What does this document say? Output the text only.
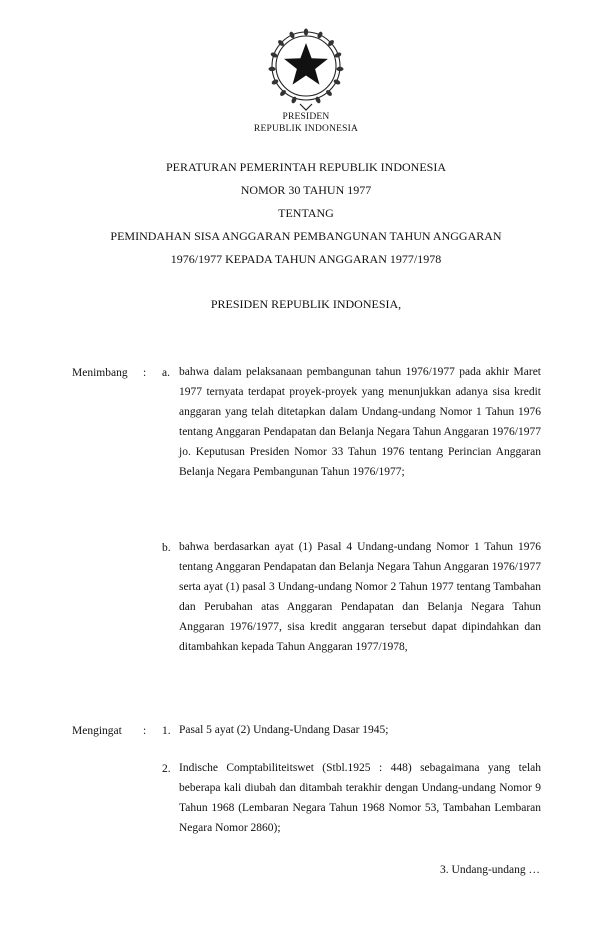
PRESIDEN
REPUBLIK INDONESIA
PERATURAN PEMERINTAH REPUBLIK INDONESIA
NOMOR 30 TAHUN 1977
TENTANG
PEMINDAHAN SISA ANGGARAN PEMBANGUNAN TAHUN ANGGARAN
1976/1977 KEPADA TAHUN ANGGARAN 1977/1978
PRESIDEN REPUBLIK INDONESIA,
Menimbang : a. bahwa dalam pelaksanaan pembangunan tahun 1976/1977 pada akhir Maret 1977 ternyata terdapat proyek-proyek yang menunjukkan adanya sisa kredit anggaran yang telah ditetapkan dalam Undang-undang Nomor 1 Tahun 1976 tentang Anggaran Pendapatan dan Belanja Negara Tahun Anggaran 1976/1977 jo. Keputusan Presiden Nomor 33 Tahun 1976 tentang Perincian Anggaran Belanja Negara Pembangunan Tahun 1976/1977;
b. bahwa berdasarkan ayat (1) Pasal 4 Undang-undang Nomor 1 Tahun 1976 tentang Anggaran Pendapatan dan Belanja Negara Tahun Anggaran 1976/1977 serta ayat (1) pasal 3 Undang-undang Nomor 2 Tahun 1977 tentang Tambahan dan Perubahan atas Anggaran Pendapatan dan Belanja Negara Tahun Anggaran 1976/1977, sisa kredit anggaran tersebut dapat dipindahkan dan ditambahkan kepada Tahun Anggaran 1977/1978,
Mengingat : 1. Pasal 5 ayat (2) Undang-Undang Dasar 1945;
2. Indische Comptabiliteitswet (Stbl.1925 : 448) sebagaimana yang telah beberapa kali diubah dan ditambah terakhir dengan Undang-undang Nomor 9 Tahun 1968 (Lembaran Negara Tahun 1968 Nomor 53, Tambahan Lembaran Negara Nomor 2860);
3. Undang-undang …
